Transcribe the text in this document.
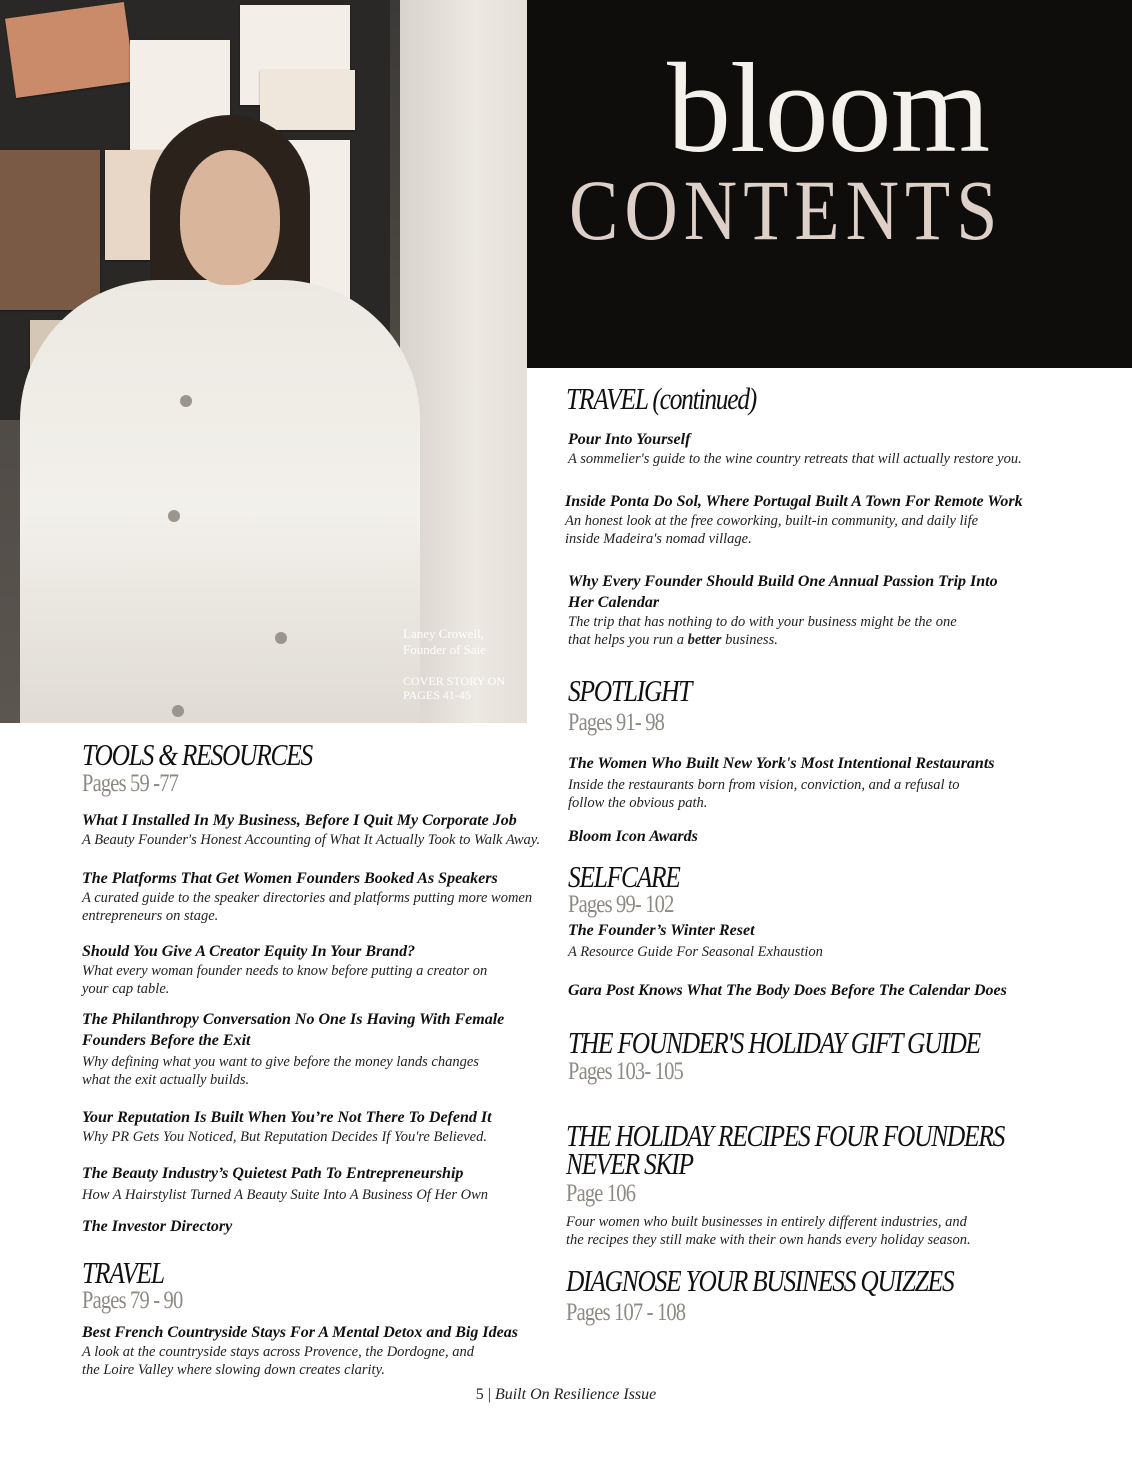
Laney Crowell,
Founder of Saie
COVER STORY ON
PAGES 41-45
bloom
CONTENTS
TOOLS & RESOURCES
Pages 59 -77
What I Installed In My Business, Before I Quit My Corporate Job
A Beauty Founder's Honest Accounting of What It Actually Took to Walk Away.
The Platforms That Get Women Founders Booked As Speakers
A curated guide to the speaker directories and platforms putting more women
entrepreneurs on stage.
Should You Give A Creator Equity In Your Brand?
What every woman founder needs to know before putting a creator on
your cap table.
The Philanthropy Conversation No One Is Having With Female
Founders Before the Exit
Why defining what you want to give before the money lands changes
what the exit actually builds.
Your Reputation Is Built When You’re Not There To Defend It
Why PR Gets You Noticed, But Reputation Decides If You're Believed.
The Beauty Industry’s Quietest Path To Entrepreneurship
How A Hairstylist Turned A Beauty Suite Into A Business Of Her Own
The Investor Directory
TRAVEL
Pages 79 - 90
Best French Countryside Stays For A Mental Detox and Big Ideas
A look at the countryside stays across Provence, the Dordogne, and
the Loire Valley where slowing down creates clarity.
TRAVEL (continued)
Pour Into Yourself
A sommelier's guide to the wine country retreats that will actually restore you.
Inside Ponta Do Sol, Where Portugal Built A Town For Remote Work
An honest look at the free coworking, built-in community, and daily life
inside Madeira's nomad village.
Why Every Founder Should Build One Annual Passion Trip Into
Her Calendar
The trip that has nothing to do with your business might be the one
that helps you run a better business.
SPOTLIGHT
Pages 91- 98
The Women Who Built New York's Most Intentional Restaurants
Inside the restaurants born from vision, conviction, and a refusal to
follow the obvious path.
Bloom Icon Awards
SELFCARE
Pages 99- 102
The Founder’s Winter Reset
A Resource Guide For Seasonal Exhaustion
Gara Post Knows What The Body Does Before The Calendar Does
THE FOUNDER'S HOLIDAY GIFT GUIDE
Pages 103- 105
THE HOLIDAY RECIPES FOUR FOUNDERS
NEVER SKIP
Page 106
Four women who built businesses in entirely different industries, and
the recipes they still make with their own hands every holiday season.
DIAGNOSE YOUR BUSINESS QUIZZES
Pages 107 - 108
5 | Built On Resilience Issue
